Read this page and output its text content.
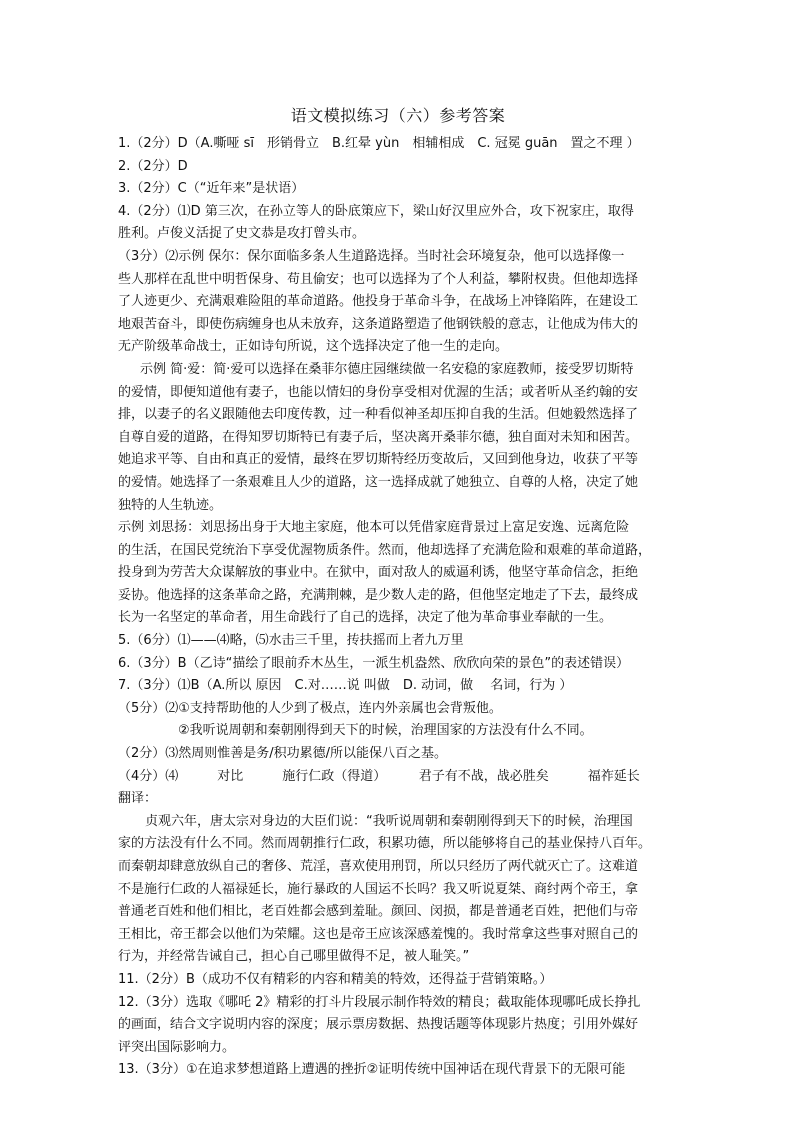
语文模拟练习（六）参考答案
1.（2分）D（A.嘶哑 sī　形销骨立　B.红晕 yùn　相辅相成　C. 冠冕 guān　置之不理 ）
2.（2分）D
3.（2分）C（“近年来”是状语）
4.（2分）⑴D 第三次，在孙立等人的卧底策应下，梁山好汉里应外合，攻下祝家庄，取得
胜利。卢俊义活捉了史文恭是攻打曾头市。
（3分）⑵示例 保尔：保尔面临多条人生道路选择。当时社会环境复杂，他可以选择像一
些人那样在乱世中明哲保身、苟且偷安；也可以选择为了个人利益，攀附权贵。但他却选择
了人迹更少、充满艰难险阻的革命道路。他投身于革命斗争，在战场上冲锋陷阵，在建设工
地艰苦奋斗，即使伤病缠身也从未放弃，这条道路塑造了他钢铁般的意志，让他成为伟大的
无产阶级革命战士，正如诗句所说，这个选择决定了他一生的走向。
　示例 简·爱：简·爱可以选择在桑菲尔德庄园继续做一名安稳的家庭教师，接受罗切斯特
的爱情，即便知道他有妻子，也能以情妇的身份享受相对优渥的生活；或者听从圣约翰的安
排，以妻子的名义跟随他去印度传教，过一种看似神圣却压抑自我的生活。但她毅然选择了
自尊自爱的道路，在得知罗切斯特已有妻子后，坚决离开桑菲尔德，独自面对未知和困苦。
她追求平等、自由和真正的爱情，最终在罗切斯特经历变故后，又回到他身边，收获了平等
的爱情。她选择了一条艰难且人少的道路，这一选择成就了她独立、自尊的人格，决定了她
独特的人生轨迹。
示例 刘思扬：刘思扬出身于大地主家庭，他本可以凭借家庭背景过上富足安逸、远离危险
的生活，在国民党统治下享受优渥物质条件。然而，他却选择了充满危险和艰难的革命道路，
投身到为劳苦大众谋解放的事业中。在狱中，面对敌人的威逼利诱，他坚守革命信念，拒绝
妥协。他选择的这条革命之路，充满荆棘，是少数人走的路，但他坚定地走了下去，最终成
长为一名坚定的革命者，用生命践行了自己的选择，决定了他为革命事业奉献的一生。
5.（6分）⑴——⑷略，⑸水击三千里，抟扶摇而上者九万里
6.（3分）B（乙诗“描绘了眼前乔木丛生，一派生机盎然、欣欣向荣的景色”的表述错误）
7.（3分）⑴B（A.所以 原因　C.对……说 叫做　D. 动词，做　 名词，行为 ）
（5分）⑵①支持帮助他的人少到了极点，连内外亲属也会背叛他。
②我听说周朝和秦朝刚得到天下的时候，治理国家的方法没有什么不同。
（2分）⑶然周则惟善是务/积功累德/所以能保八百之基。
（4分）⑷　　　对比　　　施行仁政（得道）　　　君子有不战，战必胜矣　　　福祚延长
翻译：
贞观六年，唐太宗对身边的大臣们说：“我听说周朝和秦朝刚得到天下的时候，治理国
家的方法没有什么不同。然而周朝推行仁政，积累功德，所以能够将自己的基业保持八百年。
而秦朝却肆意放纵自己的奢侈、荒淫，喜欢使用刑罚，所以只经历了两代就灭亡了。这难道
不是施行仁政的人福禄延长，施行暴政的人国运不长吗？我又听说夏桀、商纣两个帝王，拿
普通老百姓和他们相比，老百姓都会感到羞耻。颜回、闵损，都是普通老百姓，把他们与帝
王相比，帝王都会以他们为荣耀。这也是帝王应该深感羞愧的。我时常拿这些事对照自己的
行为，并经常告诫自己，担心自己哪里做得不足，被人耻笑。”
11.（2分）B（成功不仅有精彩的内容和精美的特效，还得益于营销策略。）
12.（3分）选取《哪吒 2》精彩的打斗片段展示制作特效的精良；截取能体现哪吒成长挣扎
的画面，结合文字说明内容的深度；展示票房数据、热搜话题等体现影片热度；引用外媒好
评突出国际影响力。
13.（3分）①在追求梦想道路上遭遇的挫折②证明传统中国神话在现代背景下的无限可能
